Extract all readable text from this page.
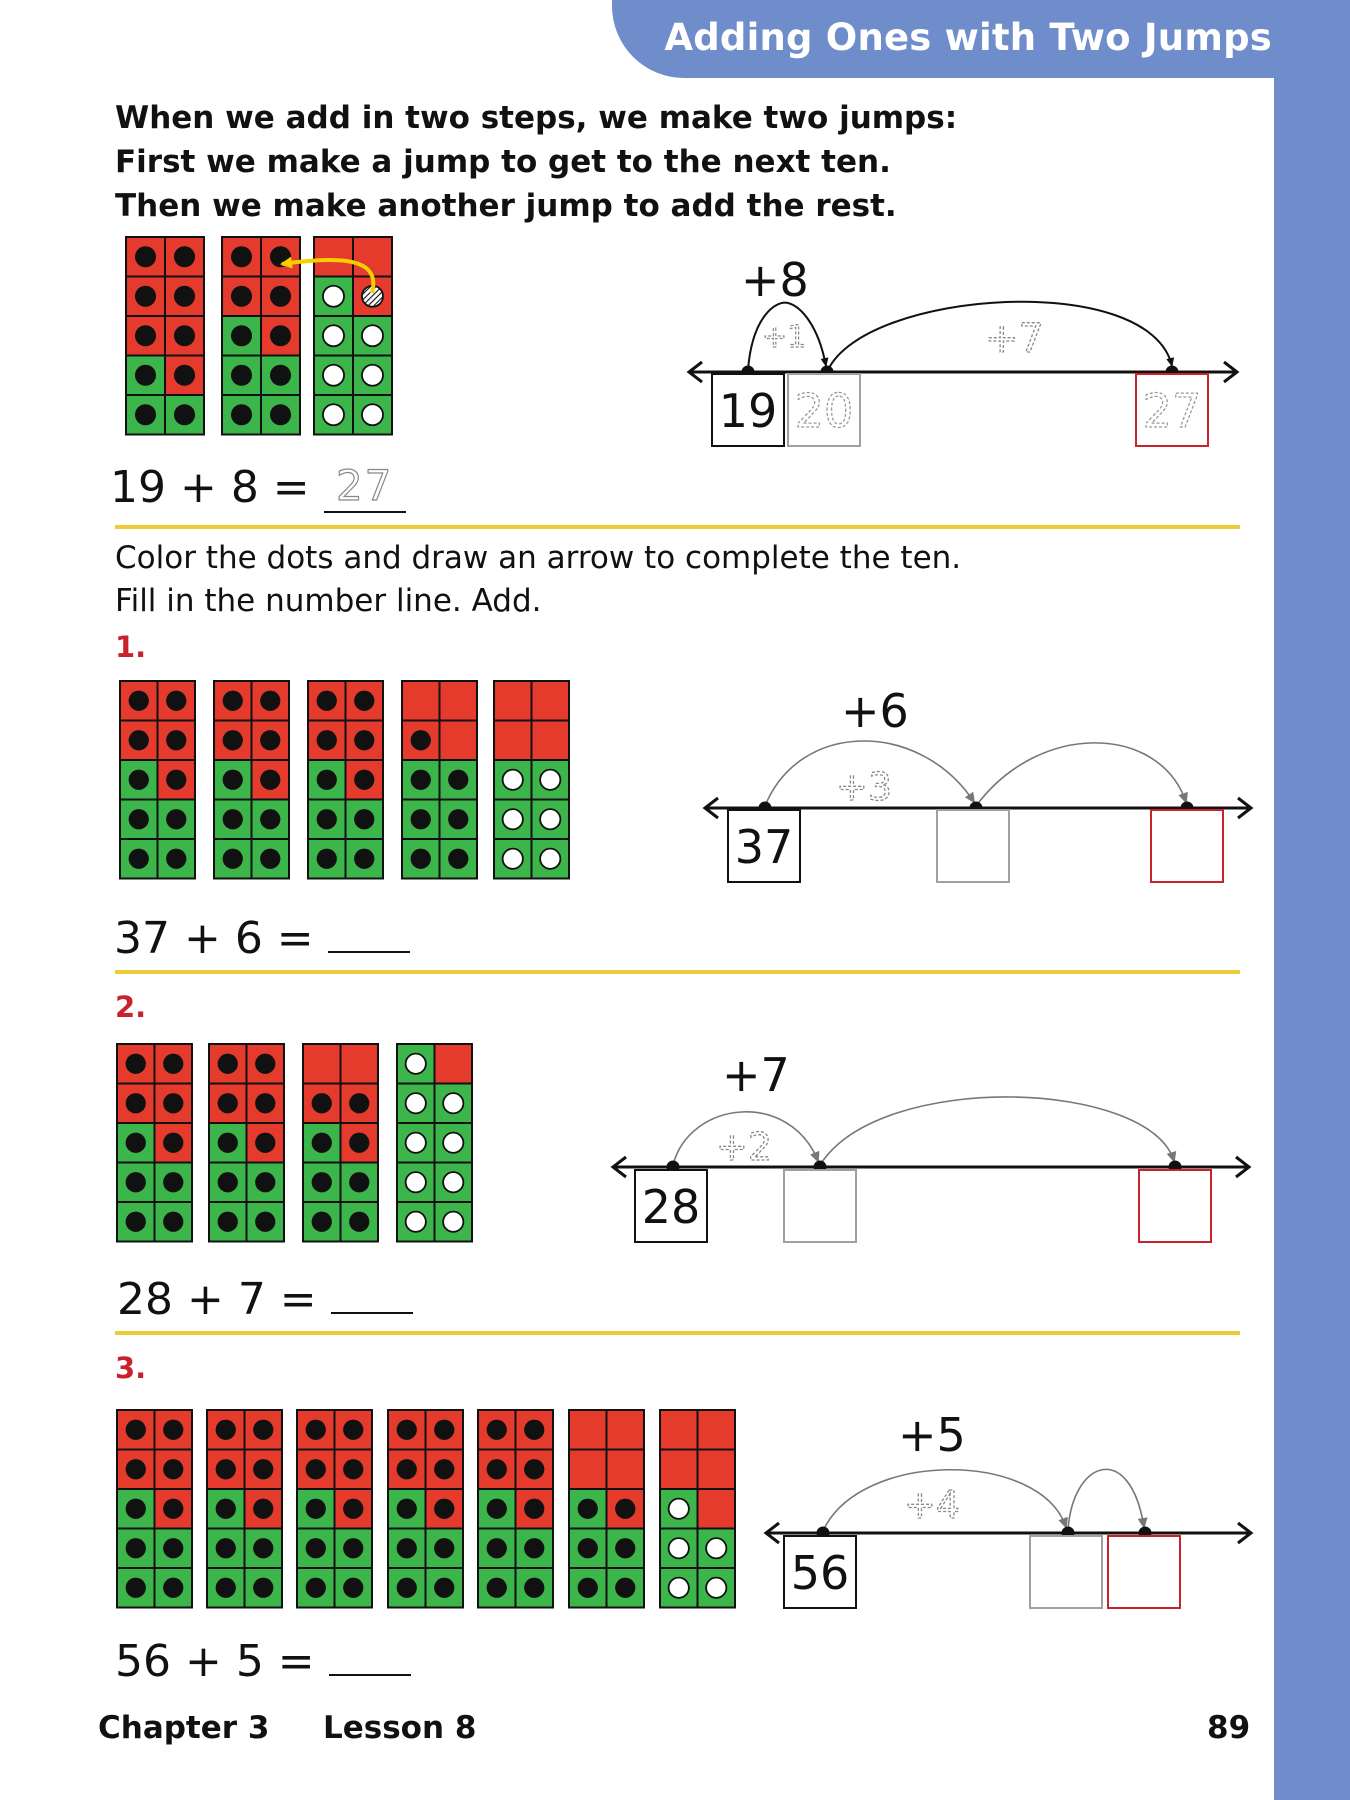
Adding Ones with Two Jumps
When we add in two steps, we make two jumps:
First we make a jump to get to the next ten.
Then we make another jump to add the rest.
19 + 8 = 27
Color the dots and draw an arrow to complete the ten.
Fill in the number line. Add.
1.
37 + 6 =
2.
28 + 7 =
3.
56 + 5 =
Chapter 3 Lesson 8	89
+8
+1	+7
19 20	27
+6
+3
37
+7
+2
28
+5
+4
56
